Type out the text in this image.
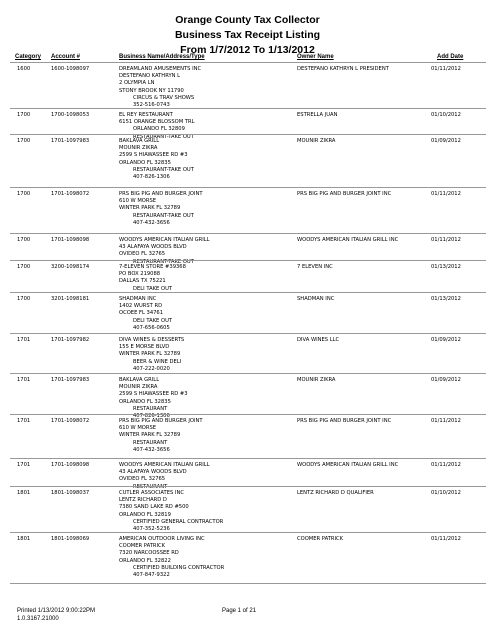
Orange County Tax Collector
Business Tax Receipt Listing
From 1/7/2012 To 1/13/2012
Category Account #	Business Name/Address/Type	Owner Name	Add Date
1600	1600-1098097	DREAMLAND AMUSEMENTS INC
DESTEFANO KATHRYN L
2 OLYMPIA LN
STONY BROOK NY 11790
CIRCUS & TRAV SHOWS
352-516-0743
DESTEFANO KATHRYN L PRESIDENT	01/11/2012
1700	1700-1098053	EL REY RESTAURANT
6151 ORANGE BLOSSOM TRL
ORLANDO FL 32809
RESTAURANT-TAKE OUT
ESTRELLA JUAN	01/10/2012
1700	1701-1097983	BAKLAVA GRILL
MOUNIR ZIKRA
2599 S HIAWASSEE RD #3
ORLANDO FL 32835
RESTAURANT-TAKE OUT
407-826-1306
MOUNIR ZIKRA	01/09/2012
1700	1701-1098072	PRS BIG PIG AND BURGER JOINT
610 W MORSE
WINTER PARK FL 32789
RESTAURANT-TAKE OUT
407-432-3656
PRS BIG PIG AND BURGER JOINT INC	01/11/2012
1700	1701-1098098	WOODYS AMERICAN ITALIAN GRILL
43 ALAFAYA WOODS BLVD
OVIDEO FL 32765
RESTAURANT-TAKE OUT
WOODYS AMERICAN ITALIAN GRILL INC	01/11/2012
1700	3200-1098174	7-ELEVEN STORE #39368
PO BOX 219088
DALLAS TX 75221
DELI TAKE OUT
7 ELEVEN INC	01/13/2012
1700	3201-1098181	SHADMAN INC
1402 WURST RD
OCOEE FL 34761
DELI TAKE OUT
407-656-0605
SHADMAN INC	01/13/2012
1701	1701-1097982	DIVA WINES & DESSERTS
155 E MORSE BLVD
WINTER PARK FL 32789
BEER & WINE DELI
407-222-0020
DIVA WINES LLC	01/09/2012
1701	1701-1097983	BAKLAVA GRILL
MOUNIR ZIKRA
2599 S HIAWASSEE RD #3
ORLANDO FL 32835
RESTAURANT
407-826-1306
MOUNIR ZIKRA	01/09/2012
1701	1701-1098072	PRS BIG PIG AND BURGER JOINT
610 W MORSE
WINTER PARK FL 32789
RESTAURANT
407-432-3656
PRS BIG PIG AND BURGER JOINT INC	01/11/2012
1701	1701-1098098	WOODYS AMERICAN ITALIAN GRILL
43 ALAFAYA WOODS BLVD
OVIDEO FL 32765
RESTAURANT
WOODYS AMERICAN ITALIAN GRILL INC	01/11/2012
1801	1801-1098037	CUTLER ASSOCIATES INC
LENTZ RICHARD D
7380 SAND LAKE RD #500
ORLANDO FL 32819
CERTIFIED GENERAL CONTRACTOR
407-352-5236
LENTZ RICHARD D QUALIFIER	01/10/2012
1801	1801-1098069	AMERICAN OUTDOOR LIVING INC
COOMER PATRICK
7320 NARCOOSSEE RD
ORLANDO FL 32822
CERTIFIED BUILDING CONTRACTOR
407-847-9322
COOMER PATRICK	01/11/2012
Printed 1/13/2012 9:00:22PM
1.0.3167.21000
Page 1 of 21
